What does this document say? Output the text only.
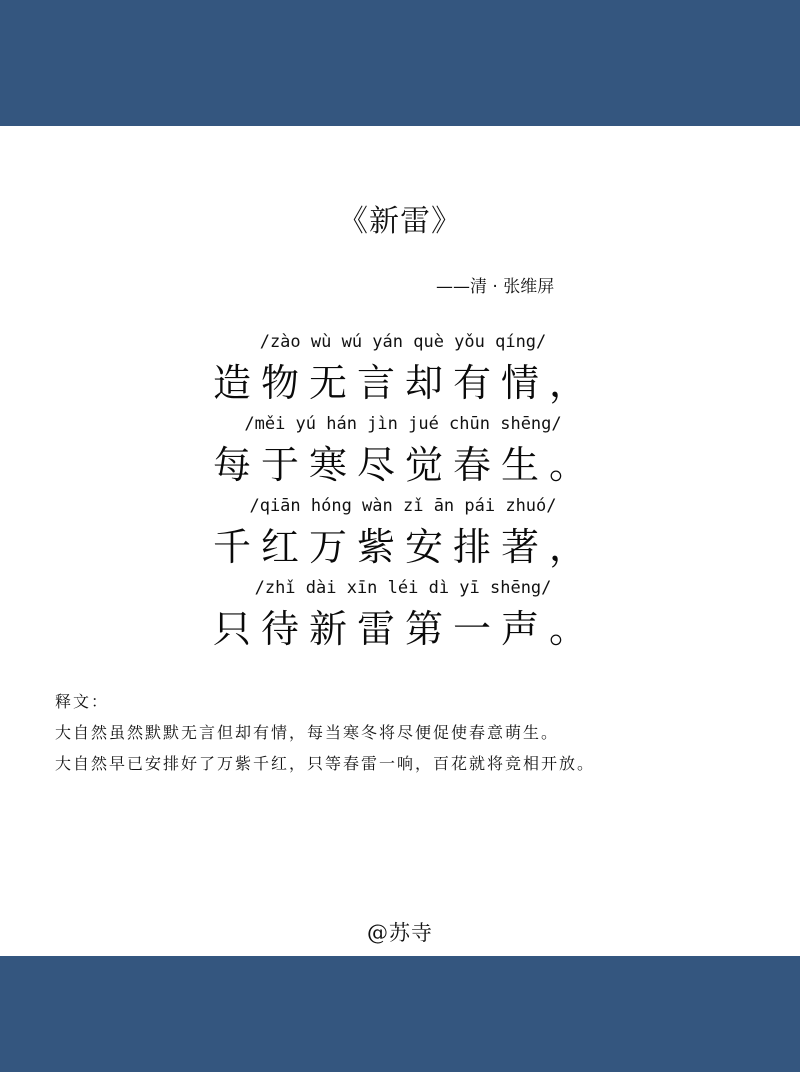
《新雷》
——清 · 张维屏
/zào wù wú yán què yǒu qíng/
造物无言却有情，
/měi yú hán jìn jué chūn shēng/
每于寒尽觉春生。
/qiān hóng wàn zǐ ān pái zhuó/
千红万紫安排著，
/zhǐ dài xīn léi dì yī shēng/
只待新雷第一声。
释文：
大自然虽然默默无言但却有情，每当寒冬将尽便促使春意萌生。
大自然早已安排好了万紫千红，只等春雷一响，百花就将竞相开放。
@苏寺
